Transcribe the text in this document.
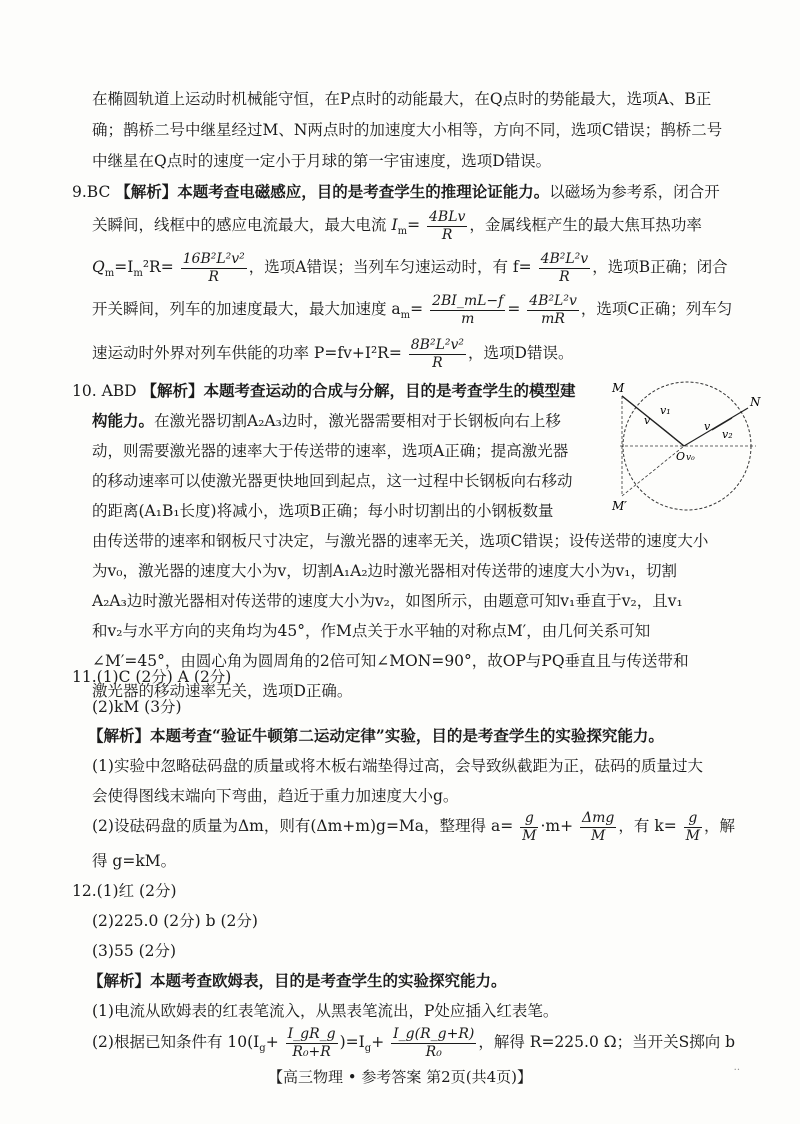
在椭圆轨道上运动时机械能守恒，在P点时的动能最大，在Q点时的势能最大，选项A、B正
确；鹊桥二号中继星经过M、N两点时的加速度大小相等，方向不同，选项C错误；鹊桥二号
中继星在Q点时的速度一定小于月球的第一宇宙速度，选项D错误。
9.BC 【解析】本题考查电磁感应，目的是考查学生的推理论证能力。以磁场为参考系，闭合开
关瞬间，线框中的感应电流最大，最大电流 $I_m= \frac{\text{4BLv}}{R}$ ，金属线框产生的最大焦耳热功率
$Q_m=I_m^2R= \frac{\text{16B²L²v²}}{R}$ ，选项A错误；当列车匀速运动时，有 $f= \frac{\text{4B²L²v}}{R}$ ，选项B正确；闭合
开关瞬间，列车的加速度最大，最大加速度 $a_m= \frac{2BI\_mL-f}{m} = \frac{\text{4B²L²v}}{mR}$ ，选项C正确；列车匀
速运动时外界对列车供能的功率 $P=fv+I^2R= \frac{\text{8B²L²v²}}{R}$ ，选项D错误。
10. ABD 【解析】本题考查运动的合成与分解，目的是考查学生的模型建
构能力。在激光器切割A₂A₃边时，激光器需要相对于长钢板向右上移
动，则需要激光器的速率大于传送带的速率，选项A正确；提高激光器
的移动速率可以使激光器更快地回到起点，这一过程中长钢板向右移动
的距离(A₁B₁长度)将减小，选项B正确；每小时切割出的小钢板数量
由传送带的速率和钢板尺寸决定，与激光器的速率无关，选项C错误；设传送带的速度大小
为v₀，激光器的速度大小为v，切割A₁A₂边时激光器相对传送带的速度大小为v₁，切割
A₂A₃边时激光器相对传送带的速度大小为v₂，如图所示，由题意可知v₁垂直于v₂，且v₁
和v₂与水平方向的夹角均为45°，作M点关于水平轴的对称点M′，由几何关系可知
∠M′=45°，由圆心角为圆周角的2倍可知∠MON=90°，故OP与PQ垂直且与传送带和
激光器的移动速率无关，选项D正确。
M
N
M′
O v₀
v
v₁
v
v₂
11.(1)C (2分) A (2分)
(2)kM (3分)
【解析】本题考查“验证牛顿第二运动定律”实验，目的是考查学生的实验探究能力。
(1)实验中忽略砝码盘的质量或将木板右端垫得过高，会导致纵截距为正，砝码的质量过大
会使得图线末端向下弯曲，趋近于重力加速度大小g。
(2)设砝码盘的质量为Δm，则有(Δm+m)g=Ma，整理得 $a= \frac{g}{M} \cdot m+ \frac{\text{Δmg}}{M}$ ，有 $k= \frac{g}{M}$ ，解
得 g=kM。
12.(1)红 (2分)
(2)225.0 (2分) b (2分)
(3)55 (2分)
【解析】本题考查欧姆表，目的是考查学生的实验探究能力。
(1)电流从欧姆表的红表笔流入，从黑表笔流出，P处应插入红表笔。
(2)根据已知条件有 $10(I_g+ \frac{I\_gR\_g}{\text{R₀+R}} )=I_g+ \frac{I\_g(R\_g+R)}{\text{R₀}}$ ，解得 R=225.0 Ω；当开关S掷向 b
【高三物理 • 参考答案 第2页(共4页)】
..
